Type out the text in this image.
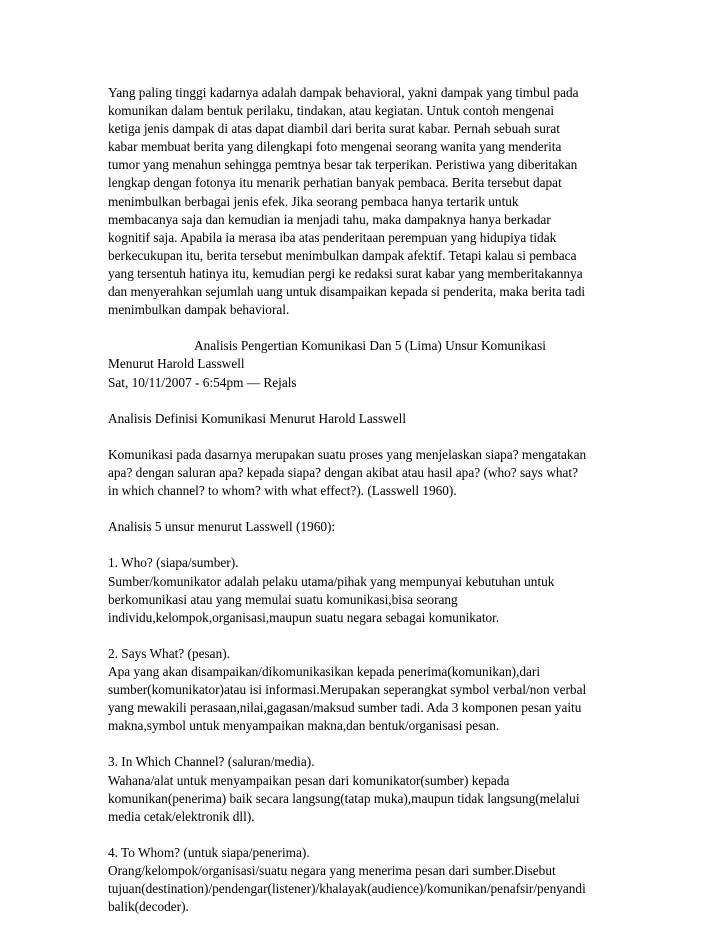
Yang paling tinggi kadarnya adalah dampak behavioral, yakni dampak yang timbul pada
komunikan dalam bentuk perilaku, tindakan, atau kegiatan. Untuk contoh mengenai
ketiga jenis dampak di atas dapat diambil dari berita surat kabar. Pernah sebuah surat
kabar membuat berita yang dilengkapi foto mengenai seorang wanita yang menderita
tumor yang menahun sehingga pemtnya besar tak terperikan. Peristiwa yang diberitakan
lengkap dengan fotonya itu menarik perhatian banyak pembaca. Berita tersebut dapat
menimbulkan berbagai jenis efek. Jika seorang pembaca hanya tertarik untuk
membacanya saja dan kemudian ia menjadi tahu, maka dampaknya hanya berkadar
kognitif saja. Apabila ia merasa iba atas penderitaan perempuan yang hidupiya tidak
berkecukupan itu, berita tersebut menimbulkan dampak afektif. Tetapi kalau si pembaca
yang tersentuh hatinya itu, kemudian pergi ke redaksi surat kabar yang memberitakannya
dan menyerahkan sejumlah uang untuk disampaikan kepada si penderita, maka berita tadi
menimbulkan dampak behavioral.
Analisis Pengertian Komunikasi Dan 5 (Lima) Unsur Komunikasi
Menurut Harold Lasswell
Sat, 10/11/2007 - 6:54pm — Rejals
Analisis Definisi Komunikasi Menurut Harold Lasswell
Komunikasi pada dasarnya merupakan suatu proses yang menjelaskan siapa? mengatakan
apa? dengan saluran apa? kepada siapa? dengan akibat atau hasil apa? (who? says what?
in which channel? to whom? with what effect?). (Lasswell 1960).
Analisis 5 unsur menurut Lasswell (1960):
1. Who? (siapa/sumber).
Sumber/komunikator adalah pelaku utama/pihak yang mempunyai kebutuhan untuk
berkomunikasi atau yang memulai suatu komunikasi,bisa seorang
individu,kelompok,organisasi,maupun suatu negara sebagai komunikator.
2. Says What? (pesan).
Apa yang akan disampaikan/dikomunikasikan kepada penerima(komunikan),dari
sumber(komunikator)atau isi informasi.Merupakan seperangkat symbol verbal/non verbal
yang mewakili perasaan,nilai,gagasan/maksud sumber tadi. Ada 3 komponen pesan yaitu
makna,symbol untuk menyampaikan makna,dan bentuk/organisasi pesan.
3. In Which Channel? (saluran/media).
Wahana/alat untuk menyampaikan pesan dari komunikator(sumber) kepada
komunikan(penerima) baik secara langsung(tatap muka),maupun tidak langsung(melalui
media cetak/elektronik dll).
4. To Whom? (untuk siapa/penerima).
Orang/kelompok/organisasi/suatu negara yang menerima pesan dari sumber.Disebut
tujuan(destination)/pendengar(listener)/khalayak(audience)/komunikan/penafsir/penyandi
balik(decoder).
